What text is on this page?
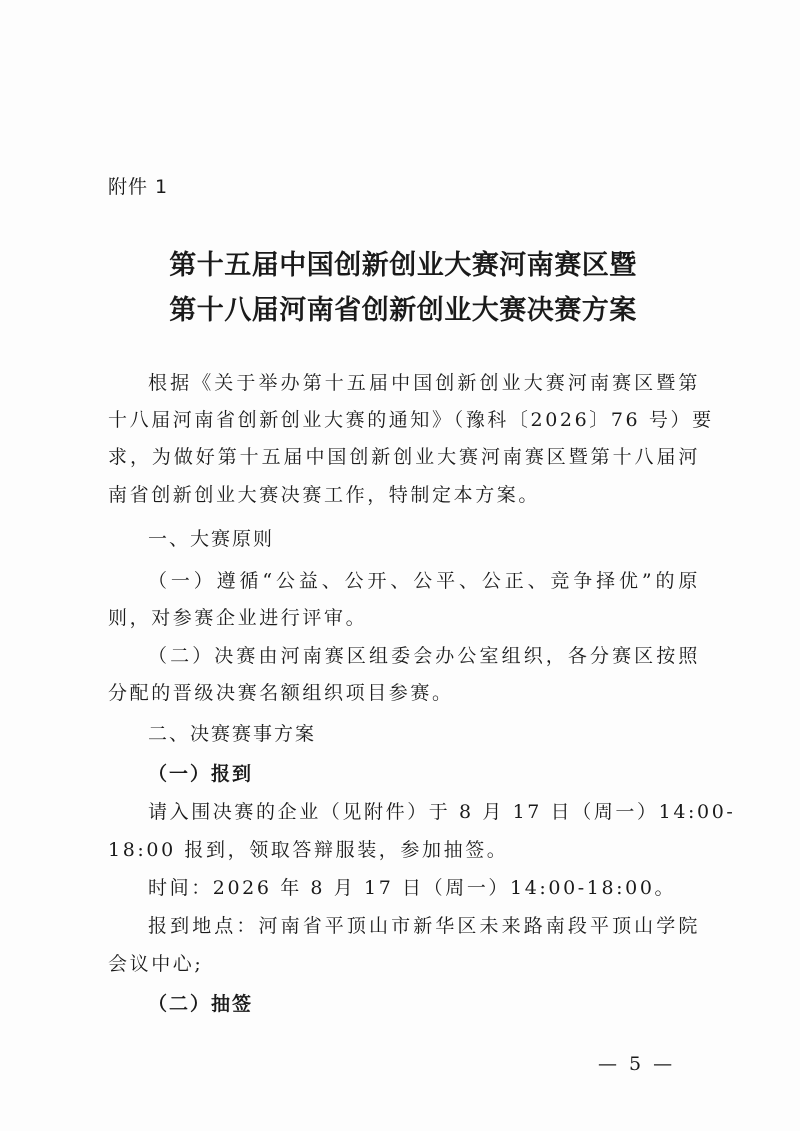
附件 1
第十五届中国创新创业大赛河南赛区暨
第十八届河南省创新创业大赛决赛方案
根据《关于举办第十五届中国创新创业大赛河南赛区暨第
十八届河南省创新创业大赛的通知》（豫科〔2026〕76 号）要
求，为做好第十五届中国创新创业大赛河南赛区暨第十八届河
南省创新创业大赛决赛工作，特制定本方案。
一、大赛原则
（一）遵循“公益、公开、公平、公正、竞争择优”的原
则，对参赛企业进行评审。
（二）决赛由河南赛区组委会办公室组织，各分赛区按照
分配的晋级决赛名额组织项目参赛。
二、决赛赛事方案
（一）报到
请入围决赛的企业（见附件）于 8 月 17 日（周一）14:00-
18:00 报到，领取答辩服装，参加抽签。
时间：2026 年 8 月 17 日（周一）14:00-18:00。
报到地点：河南省平顶山市新华区未来路南段平顶山学院
会议中心;
（二）抽签
— 5 —
